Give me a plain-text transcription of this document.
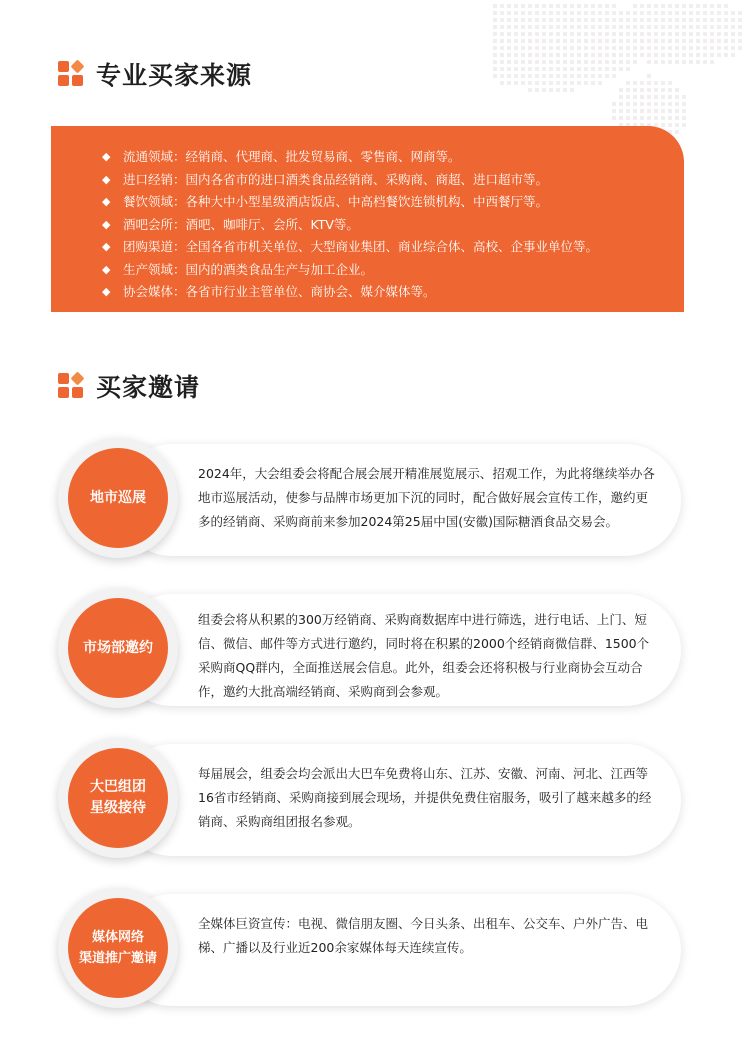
专业买家来源
◆ 流通领域：经销商、代理商、批发贸易商、零售商、网商等。
◆ 进口经销：国内各省市的进口酒类食品经销商、采购商、商超、进口超市等。
◆ 餐饮领域：各种大中小型星级酒店饭店、中高档餐饮连锁机构、中西餐厅等。
◆ 酒吧会所：酒吧、咖啡厅、会所、KTV等。
◆ 团购渠道：全国各省市机关单位、大型商业集团、商业综合体、高校、企事业单位等。
◆ 生产领域：国内的酒类食品生产与加工企业。
◆ 协会媒体：各省市行业主管单位、商协会、媒介媒体等。
买家邀请
地市巡展
2024年，大会组委会将配合展会展开精准展览展示、招观工作，为此将继续举办各地市巡展活动，使参与品牌市场更加下沉的同时，配合做好展会宣传工作，邀约更多的经销商、采购商前来参加2024第25届中国(安徽)国际糖酒食品交易会。
市场部邀约
组委会将从积累的300万经销商、采购商数据库中进行筛选，进行电话、上门、短信、微信、邮件等方式进行邀约，同时将在积累的2000个经销商微信群、1500个采购商QQ群内，全面推送展会信息。此外，组委会还将积极与行业商协会互动合作，邀约大批高端经销商、采购商到会参观。
大巴组团
星级接待
每届展会，组委会均会派出大巴车免费将山东、江苏、安徽、河南、河北、江西等16省市经销商、采购商接到展会现场，并提供免费住宿服务，吸引了越来越多的经销商、采购商组团报名参观。
媒体网络
渠道推广邀请
全媒体巨资宣传：电视、微信朋友圈、今日头条、出租车、公交车、户外广告、电梯、广播以及行业近200余家媒体每天连续宣传。
